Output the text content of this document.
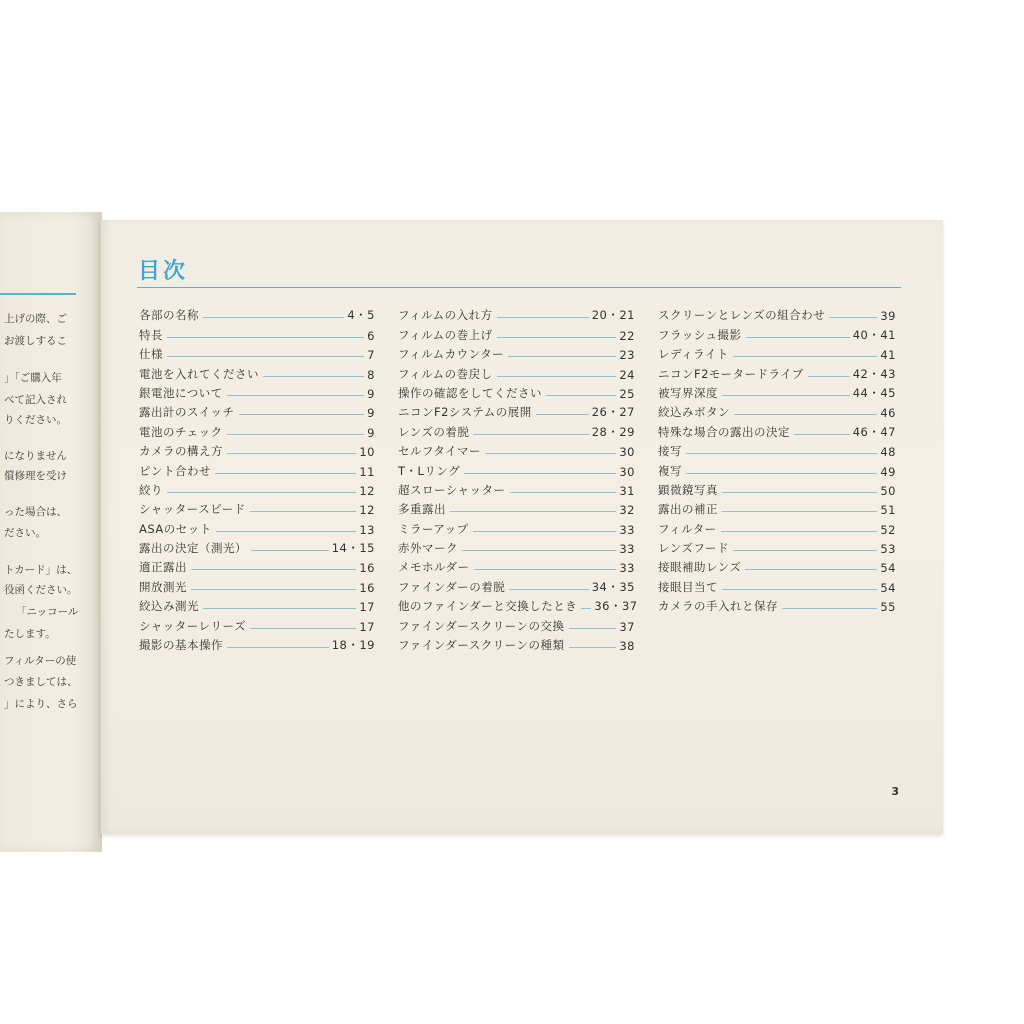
上げの際、ご
お渡しするこ
」「ご購入年
べて記入され
りください。
になりません
償修理を受け
った場合は、
ださい。
トカード」は、
役函ください。
「ニッコール
たします。
フィルターの使
つきましては、
」により、さら
目次
各部の名称	4・5
特長	6
仕様	7
電池を入れてください	8
銀電池について	9
露出計のスイッチ	9
電池のチェック	9
カメラの構え方	10
ピント合わせ	11
絞り	12
シャッタースピード	12
ASAのセット	13
露出の決定（測光）	14・15
適正露出	16
開放測光	16
絞込み測光	17
シャッターレリーズ	17
撮影の基本操作	18・19
フィルムの入れ方	20・21
フィルムの巻上げ	22
フィルムカウンター	23
フィルムの巻戻し	24
操作の確認をしてください	25
ニコンF2システムの展開	26・27
レンズの着脱	28・29
セルフタイマー	30
T・Lリング	30
超スローシャッター	31
多重露出	32
ミラーアップ	33
赤外マーク	33
メモホルダー	33
ファインダーの着脱	34・35
他のファインダーと交換したとき 36・37
ファインダースクリーンの交換	37
ファインダースクリーンの種類	38
スクリーンとレンズの組合わせ	39
フラッシュ撮影	40・41
レディライト	41
ニコンF2モータードライブ	42・43
被写界深度	44・45
絞込みボタン	46
特殊な場合の露出の決定	46・47
接写	48
複写	49
顕微鏡写真	50
露出の補正	51
フィルター	52
レンズフード	53
接眼補助レンズ	54
接眼目当て	54
カメラの手入れと保存	55
3
